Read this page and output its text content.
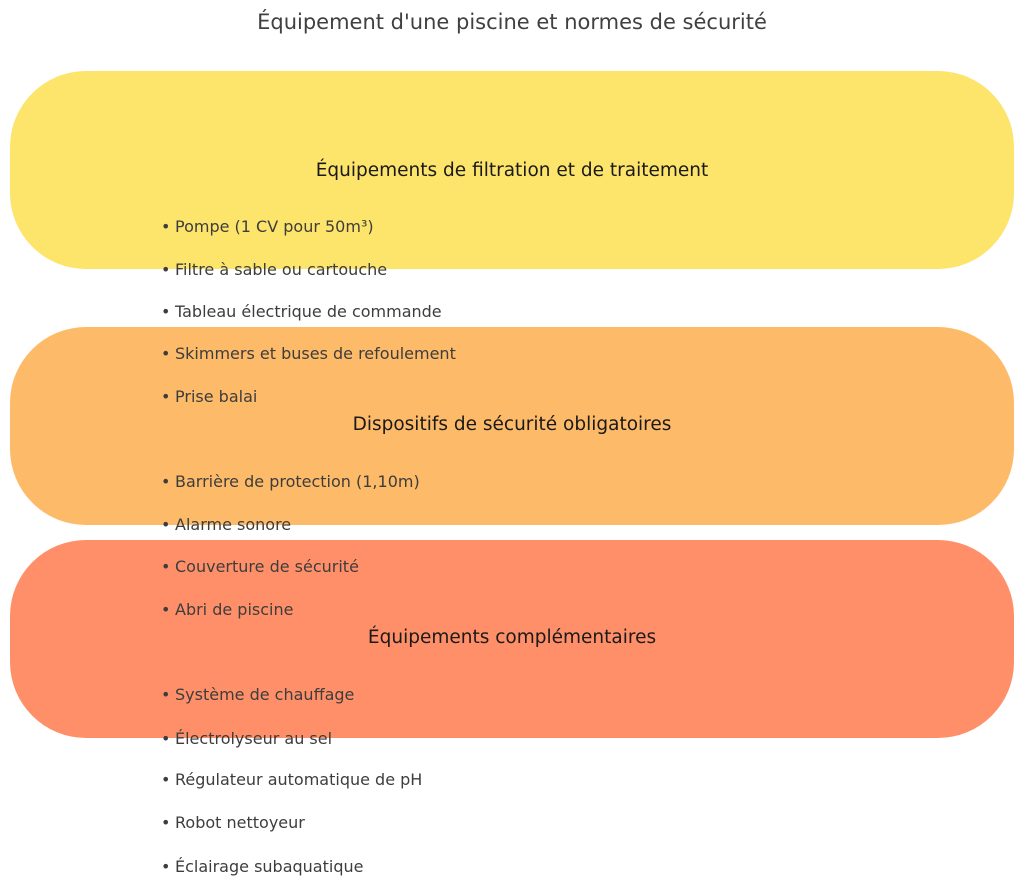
Équipement d'une piscine et normes de sécurité
Équipements de filtration et de traitement
• Pompe (1 CV pour 50m³)
• Filtre à sable ou cartouche
• Tableau électrique de commande
• Skimmers et buses de refoulement
• Prise balai
Dispositifs de sécurité obligatoires
• Barrière de protection (1,10m)
• Alarme sonore
• Couverture de sécurité
• Abri de piscine
Équipements complémentaires
• Système de chauffage
• Électrolyseur au sel
• Régulateur automatique de pH
• Robot nettoyeur
• Éclairage subaquatique
